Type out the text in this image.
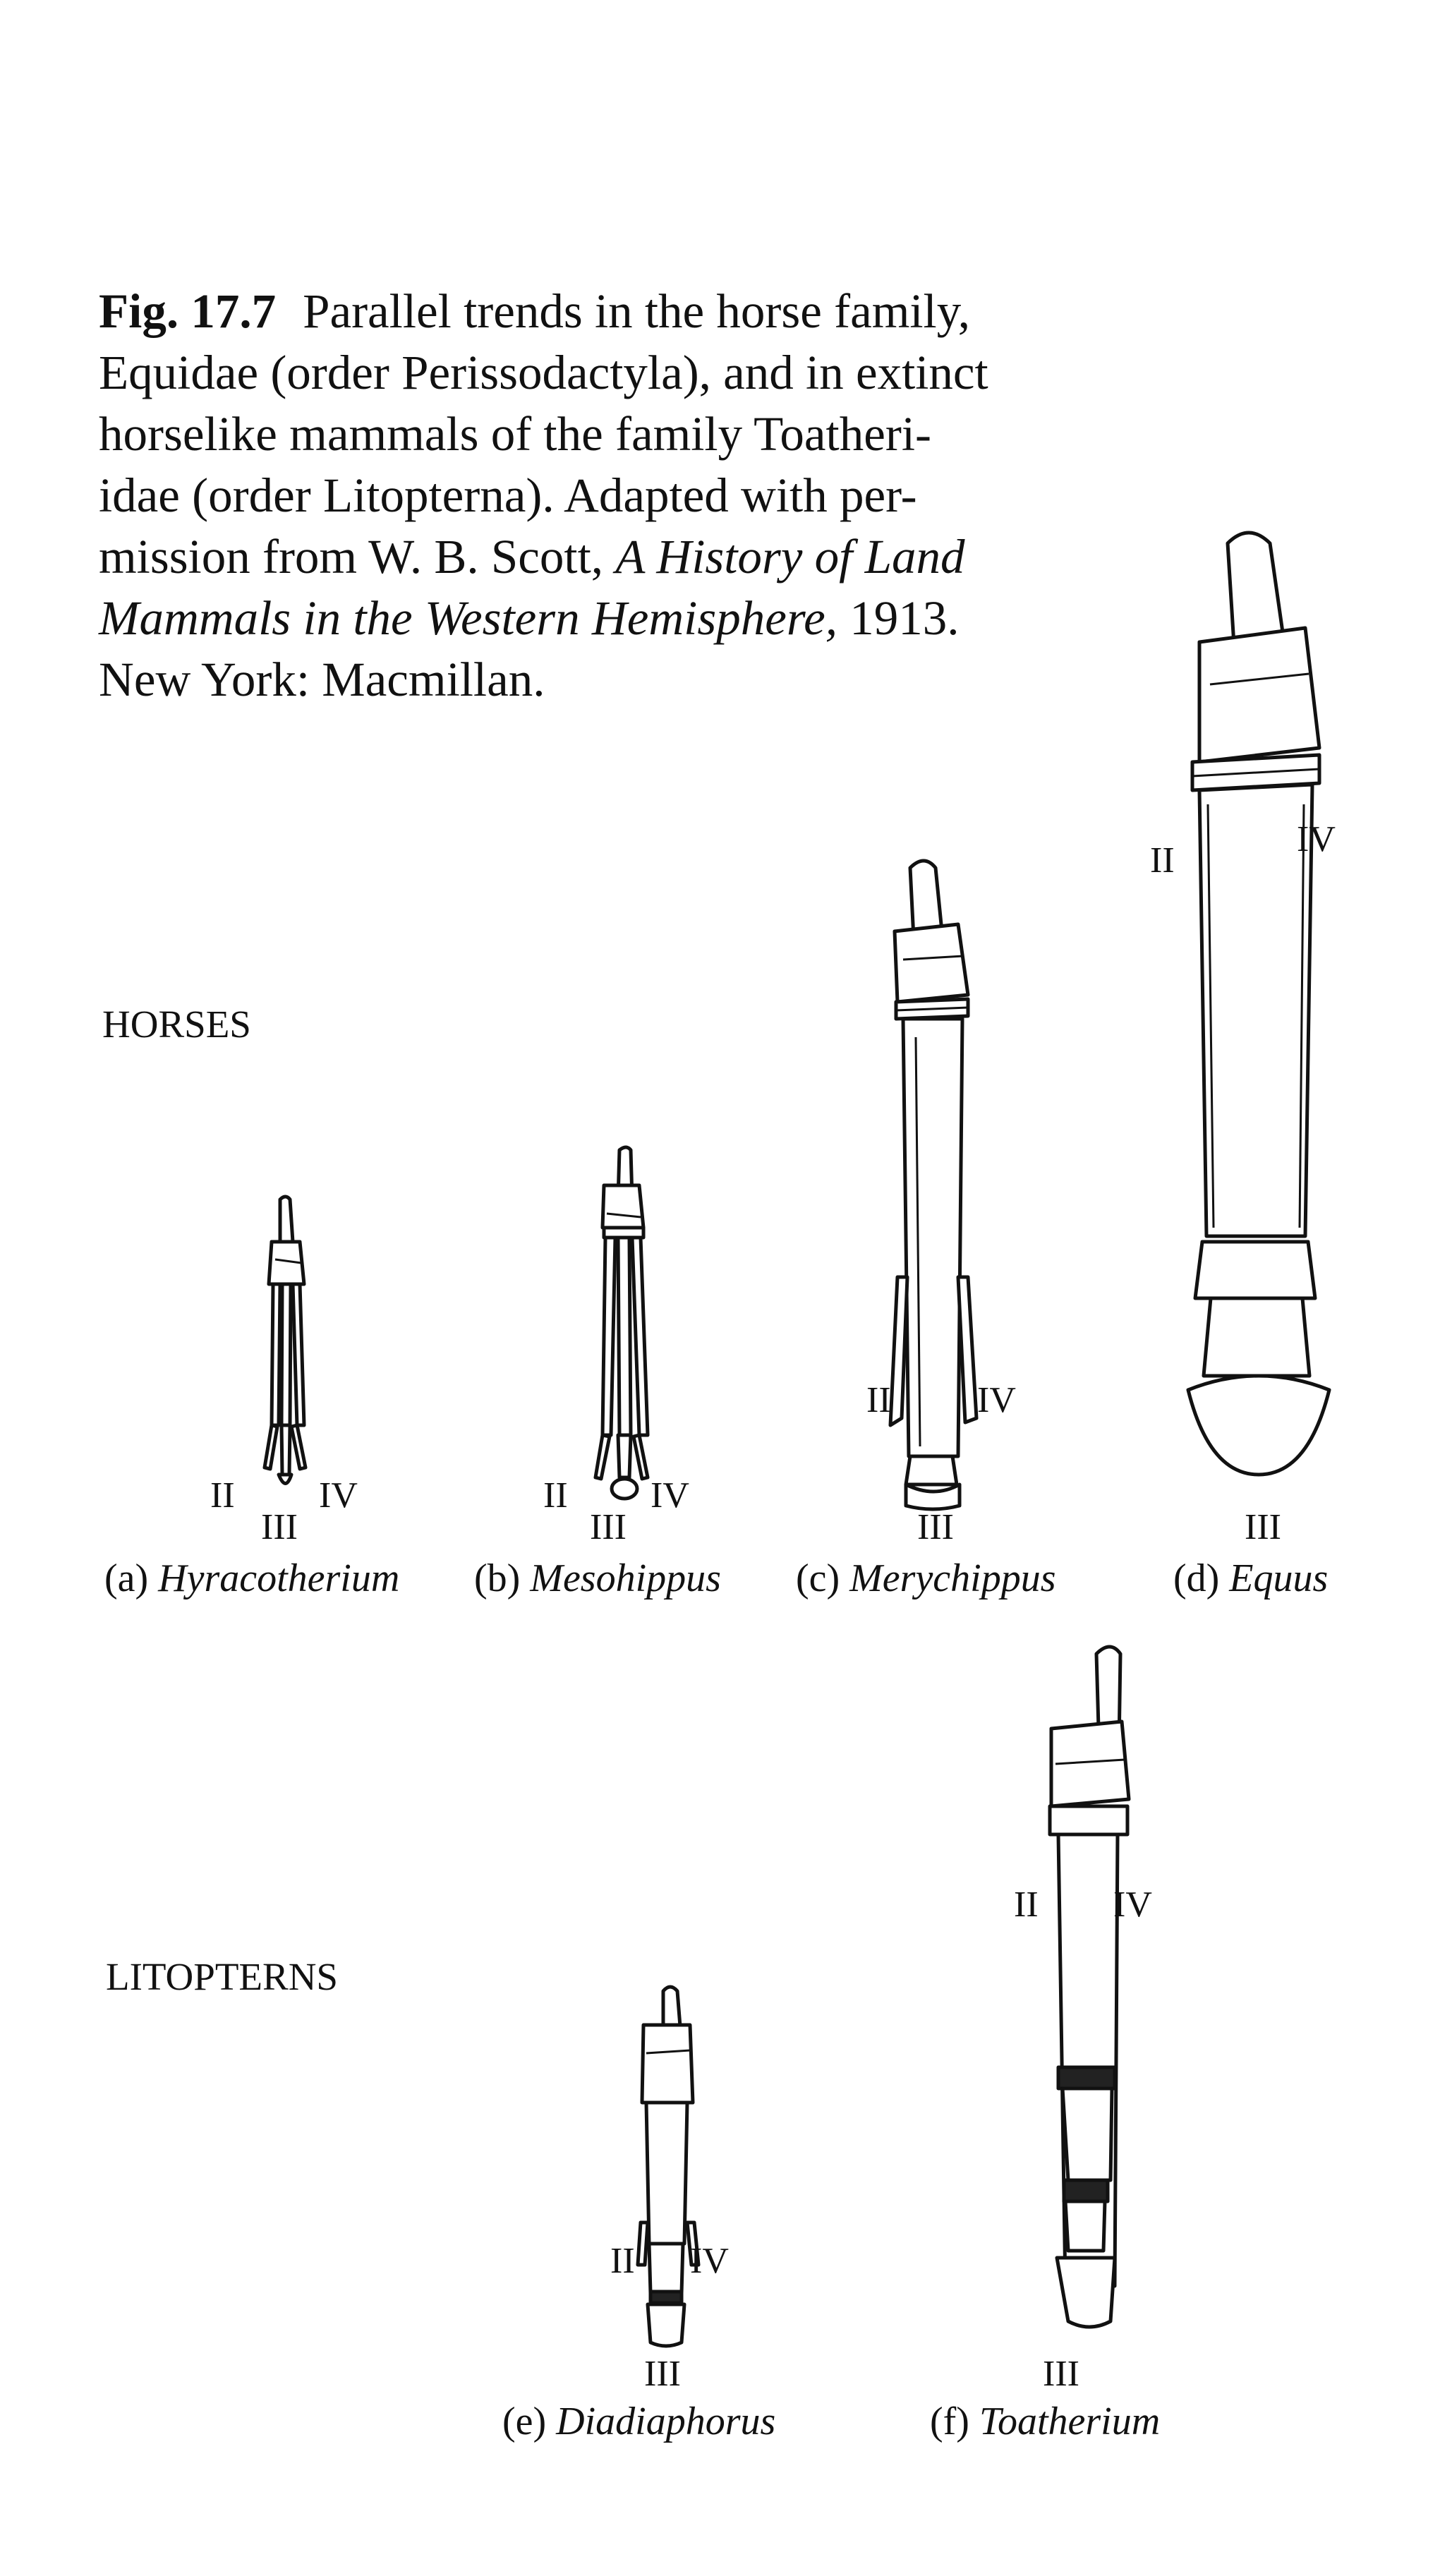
Fig. 17.7 Parallel trends in the horse family,
Equidae (order Perissodactyla), and in extinct
horselike mammals of the family Toatheri-
idae (order Litopterna). Adapted with per-
mission from W. B. Scott, A History of Land
Mammals in the Western Hemisphere, 1913.
New York: Macmillan.
HORSES
LITOPTERNS
II IV
III
(a) Hyracotherium
II IV
III
(b) Mesohippus
II IV
III
(c) Merychippus
II
IV
III
(d) Equus
II IV
III
(e) Diadiaphorus
II IV
III
(f) Toatherium
